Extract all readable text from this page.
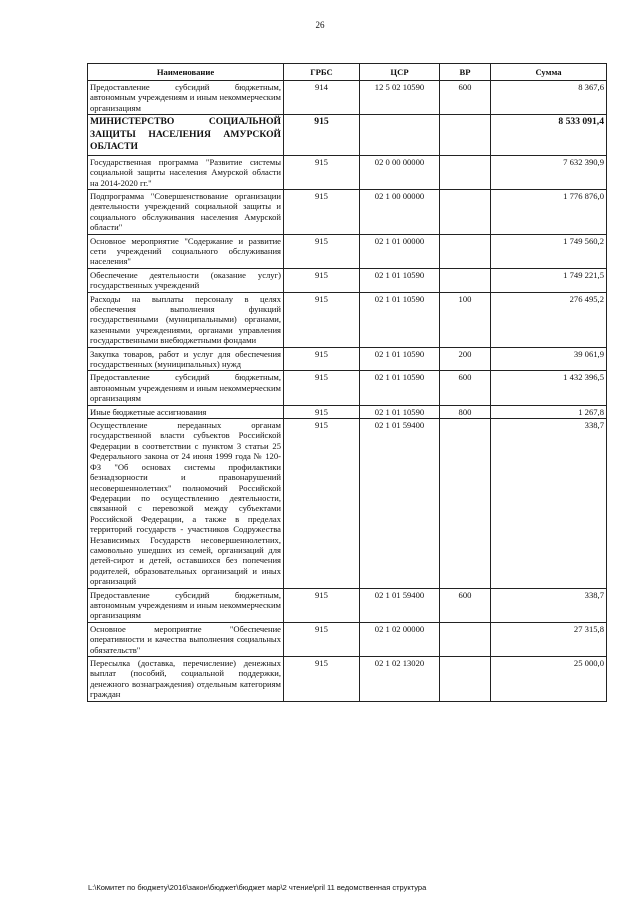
26
Наименование	ГРБС	ЦСР	ВР	Сумма
Предоставление субсидий бюджетным, автономным учреждениям и иным некоммерческим организациям	914	12 5 02 10590	600	8 367,6
МИНИСТЕРСТВО СОЦИАЛЬНОЙ ЗАЩИТЫ НАСЕЛЕНИЯ АМУРСКОЙ ОБЛАСТИ	915			8 533 091,4
Государственная программа "Развитие системы социальной защиты населения Амурской области на 2014-2020 гг."	915	02 0 00 00000		7 632 390,9
Подпрограмма "Совершенствование организации деятельности учреждений социальной защиты и социального обслуживания населения Амурской области"	915	02 1 00 00000		1 776 876,0
Основное мероприятие "Содержание и развитие сети учреждений социального обслуживания населения"	915	02 1 01 00000		1 749 560,2
Обеспечение деятельности (оказание услуг) государственных учреждений	915	02 1 01 10590		1 749 221,5
Расходы на выплаты персоналу в целях обеспечения выполнения функций государственными (муниципальными) органами, казенными учреждениями, органами управления государственными внебюджетными фондами	915	02 1 01 10590	100	276 495,2
Закупка товаров, работ и услуг для обеспечения государственных (муниципальных) нужд	915	02 1 01 10590	200	39 061,9
Предоставление субсидий бюджетным, автономным учреждениям и иным некоммерческим организациям	915	02 1 01 10590	600	1 432 396,5
Иные бюджетные ассигнования	915	02 1 01 10590	800	1 267,8
Осуществление переданных органам государственной власти субъектов Российской Федерации в соответствии с пунктом 3 статьи 25 Федерального закона от 24 июня 1999 года № 120-ФЗ "Об основах системы профилактики безнадзорности и правонарушений несовершеннолетних" полномочий Российской Федерации по осуществлению деятельности, связанной с перевозкой между субъектами Российской Федерации, а также в пределах территорий государств - участников Содружества Независимых Государств несовершеннолетних, самовольно ушедших из семей, организаций для детей-сирот и детей, оставшихся без попечения родителей, образовательных организаций и иных организаций	915	02 1 01 59400		338,7
Предоставление субсидий бюджетным, автономным учреждениям и иным некоммерческим организациям	915	02 1 01 59400	600	338,7
Основное мероприятие "Обеспечение оперативности и качества выполнения социальных обязательств"	915	02 1 02 00000		27 315,8
Пересылка (доставка, перечисление) денежных выплат (пособий, социальной поддержки, денежного вознаграждения) отдельным категориям граждан	915	02 1 02 13020		25 000,0
L:\Комитет по бюджету\2016\закон\бюджет\бюджет мар\2 чтение\pril 11 ведомственная структура
